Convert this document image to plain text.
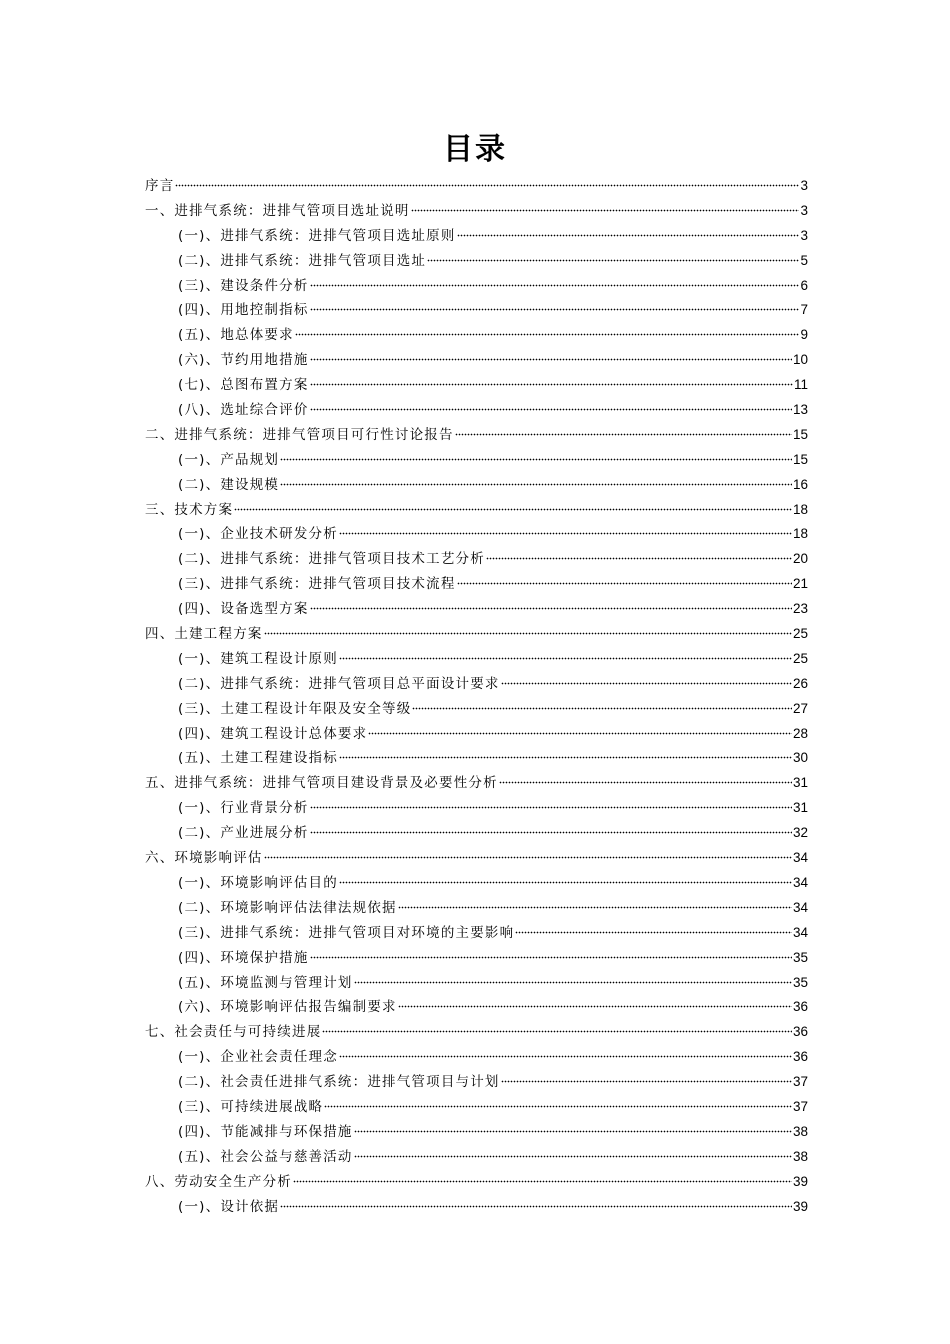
目录
序言	3
一、进排气系统：进排气管项目选址说明	3
(一)、进排气系统：进排气管项目选址原则	3
(二)、进排气系统：进排气管项目选址	5
(三)、建设条件分析	6
(四)、用地控制指标	7
(五)、地总体要求	9
(六)、节约用地措施	10
(七)、总图布置方案	11
(八)、选址综合评价	13
二、进排气系统：进排气管项目可行性讨论报告	15
(一)、产品规划	15
(二)、建设规模	16
三、技术方案	18
(一)、企业技术研发分析	18
(二)、进排气系统：进排气管项目技术工艺分析	20
(三)、进排气系统：进排气管项目技术流程	21
(四)、设备选型方案	23
四、土建工程方案	25
(一)、建筑工程设计原则	25
(二)、进排气系统：进排气管项目总平面设计要求	26
(三)、土建工程设计年限及安全等级	27
(四)、建筑工程设计总体要求	28
(五)、土建工程建设指标	30
五、进排气系统：进排气管项目建设背景及必要性分析	31
(一)、行业背景分析	31
(二)、产业进展分析	32
六、环境影响评估	34
(一)、环境影响评估目的	34
(二)、环境影响评估法律法规依据	34
(三)、进排气系统：进排气管项目对环境的主要影响	34
(四)、环境保护措施	35
(五)、环境监测与管理计划	35
(六)、环境影响评估报告编制要求	36
七、社会责任与可持续进展	36
(一)、企业社会责任理念	36
(二)、社会责任进排气系统：进排气管项目与计划	37
(三)、可持续进展战略	37
(四)、节能减排与环保措施	38
(五)、社会公益与慈善活动	38
八、劳动安全生产分析	39
(一)、设计依据	39
